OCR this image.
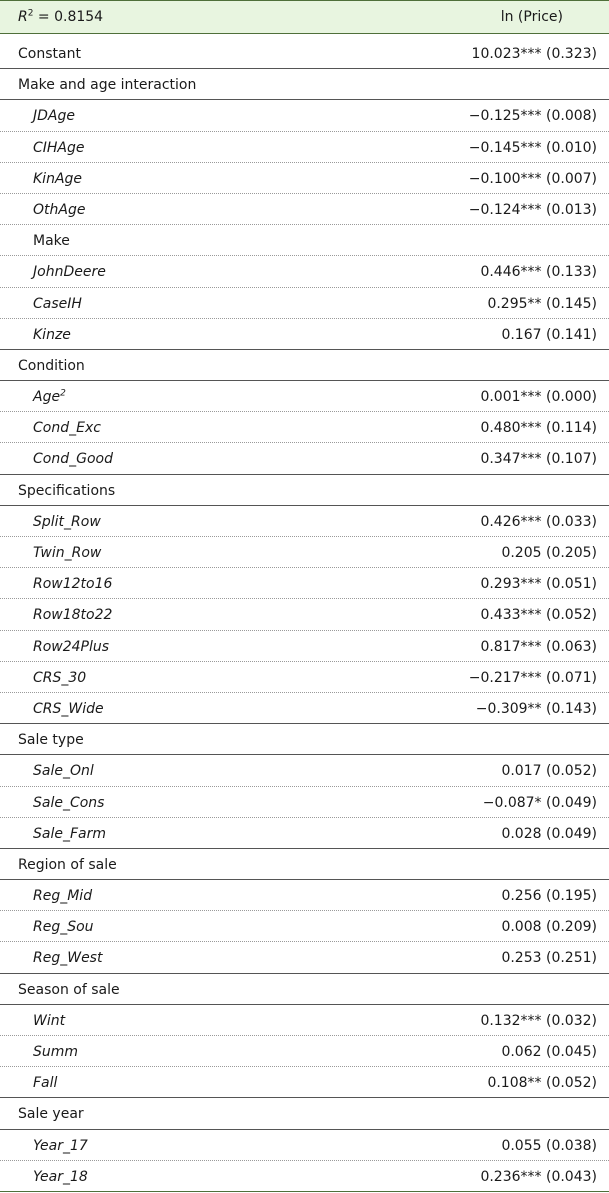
$R^2 = 0.8154$	ln (Price)
Constant	10.023*** (0.323)
Make and age interaction
JDAge	−0.125*** (0.008)
CIHAge	−0.145*** (0.010)
KinAge	−0.100*** (0.007)
OthAge	−0.124*** (0.013)
Make
JohnDeere	0.446*** (0.133)
CaseIH	0.295** (0.145)
Kinze	0.167 (0.141)
Condition
Age$^2$	0.001*** (0.000)
Cond_Exc	0.480*** (0.114)
Cond_Good	0.347*** (0.107)
Specifications
Split_Row	0.426*** (0.033)
Twin_Row	0.205 (0.205)
Row12to16	0.293*** (0.051)
Row18to22	0.433*** (0.052)
Row24Plus	0.817*** (0.063)
CRS_30	−0.217*** (0.071)
CRS_Wide	−0.309** (0.143)
Sale type
Sale_Onl	0.017 (0.052)
Sale_Cons	−0.087* (0.049)
Sale_Farm	0.028 (0.049)
Region of sale
Reg_Mid	0.256 (0.195)
Reg_Sou	0.008 (0.209)
Reg_West	0.253 (0.251)
Season of sale
Wint	0.132*** (0.032)
Summ	0.062 (0.045)
Fall	0.108** (0.052)
Sale year
Year_17	0.055 (0.038)
Year_18	0.236*** (0.043)
